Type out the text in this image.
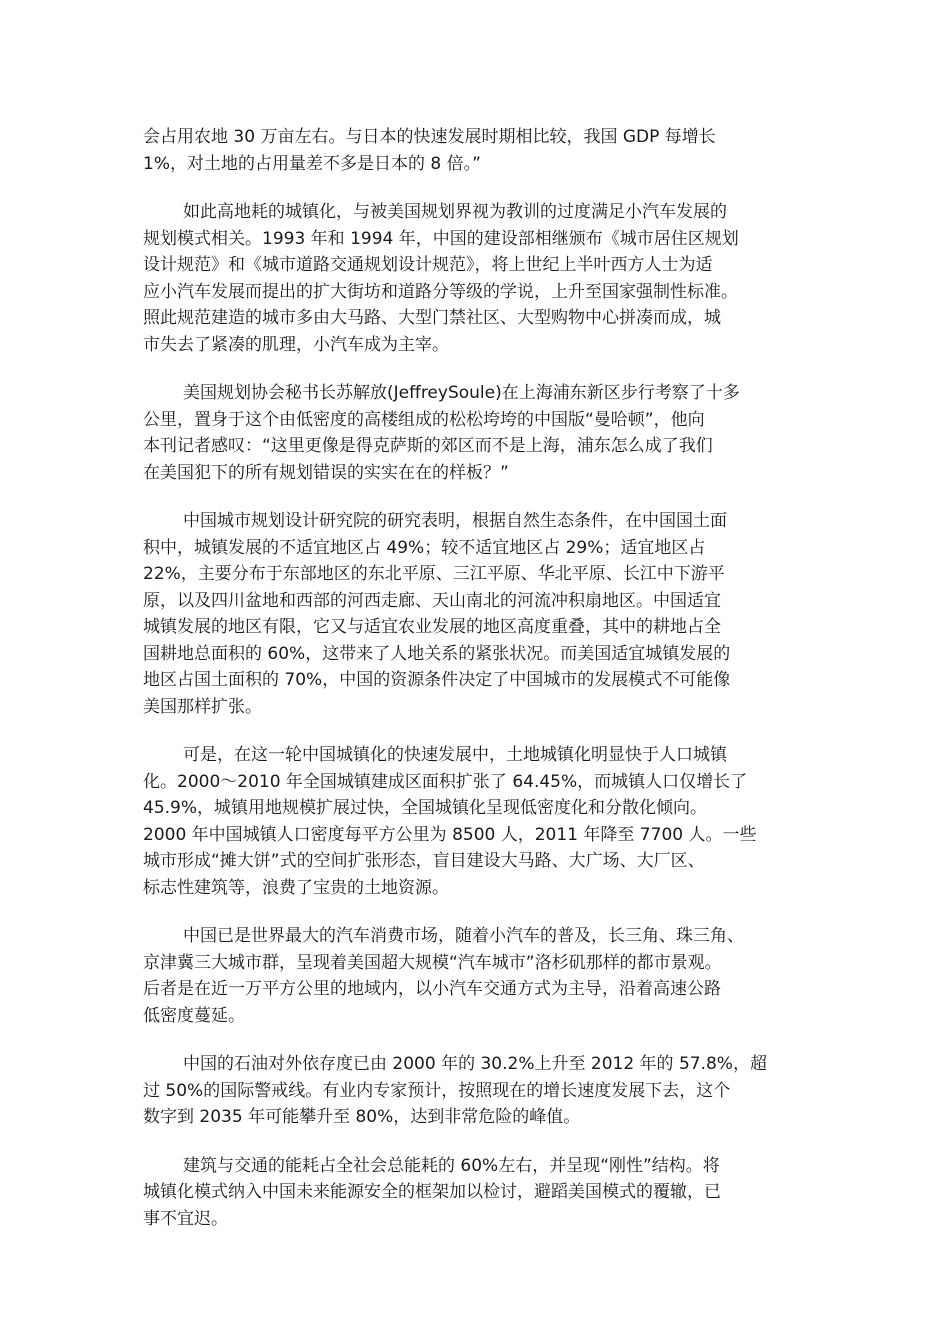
会占用农地 30 万亩左右。与日本的快速发展时期相比较，我国 GDP 每增长
1%，对土地的占用量差不多是日本的 8 倍。”

如此高地耗的城镇化，与被美国规划界视为教训的过度满足小汽车发展的
规划模式相关。1993 年和 1994 年，中国的建设部相继颁布《城市居住区规划
设计规范》和《城市道路交通规划设计规范》，将上世纪上半叶西方人士为适
应小汽车发展而提出的扩大街坊和道路分等级的学说，上升至国家强制性标准。
照此规范建造的城市多由大马路、大型门禁社区、大型购物中心拼凑而成，城
市失去了紧凑的肌理，小汽车成为主宰。

美国规划协会秘书长苏解放(JeffreySoule)在上海浦东新区步行考察了十多
公里，置身于这个由低密度的高楼组成的松松垮垮的中国版“曼哈顿”，他向
本刊记者感叹：“这里更像是得克萨斯的郊区而不是上海，浦东怎么成了我们
在美国犯下的所有规划错误的实实在在的样板？”

中国城市规划设计研究院的研究表明，根据自然生态条件，在中国国土面
积中，城镇发展的不适宜地区占 49%；较不适宜地区占 29%；适宜地区占
22%，主要分布于东部地区的东北平原、三江平原、华北平原、长江中下游平
原，以及四川盆地和西部的河西走廊、天山南北的河流冲积扇地区。中国适宜
城镇发展的地区有限，它又与适宜农业发展的地区高度重叠，其中的耕地占全
国耕地总面积的 60%，这带来了人地关系的紧张状况。而美国适宜城镇发展的
地区占国土面积的 70%，中国的资源条件决定了中国城市的发展模式不可能像
美国那样扩张。

可是，在这一轮中国城镇化的快速发展中，土地城镇化明显快于人口城镇
化。2000～2010 年全国城镇建成区面积扩张了 64.45%，而城镇人口仅增长了
45.9%，城镇用地规模扩展过快，全国城镇化呈现低密度化和分散化倾向。
2000 年中国城镇人口密度每平方公里为 8500 人，2011 年降至 7700 人。一些
城市形成“摊大饼”式的空间扩张形态，盲目建设大马路、大广场、大厂区、
标志性建筑等，浪费了宝贵的土地资源。

中国已是世界最大的汽车消费市场，随着小汽车的普及，长三角、珠三角、
京津冀三大城市群，呈现着美国超大规模“汽车城市”洛杉矶那样的都市景观。
后者是在近一万平方公里的地域内，以小汽车交通方式为主导，沿着高速公路
低密度蔓延。

中国的石油对外依存度已由 2000 年的 30.2%上升至 2012 年的 57.8%，超
过 50%的国际警戒线。有业内专家预计，按照现在的增长速度发展下去，这个
数字到 2035 年可能攀升至 80%，达到非常危险的峰值。

建筑与交通的能耗占全社会总能耗的 60%左右，并呈现“刚性”结构。将
城镇化模式纳入中国未来能源安全的框架加以检讨，避蹈美国模式的覆辙，已
事不宜迟。
